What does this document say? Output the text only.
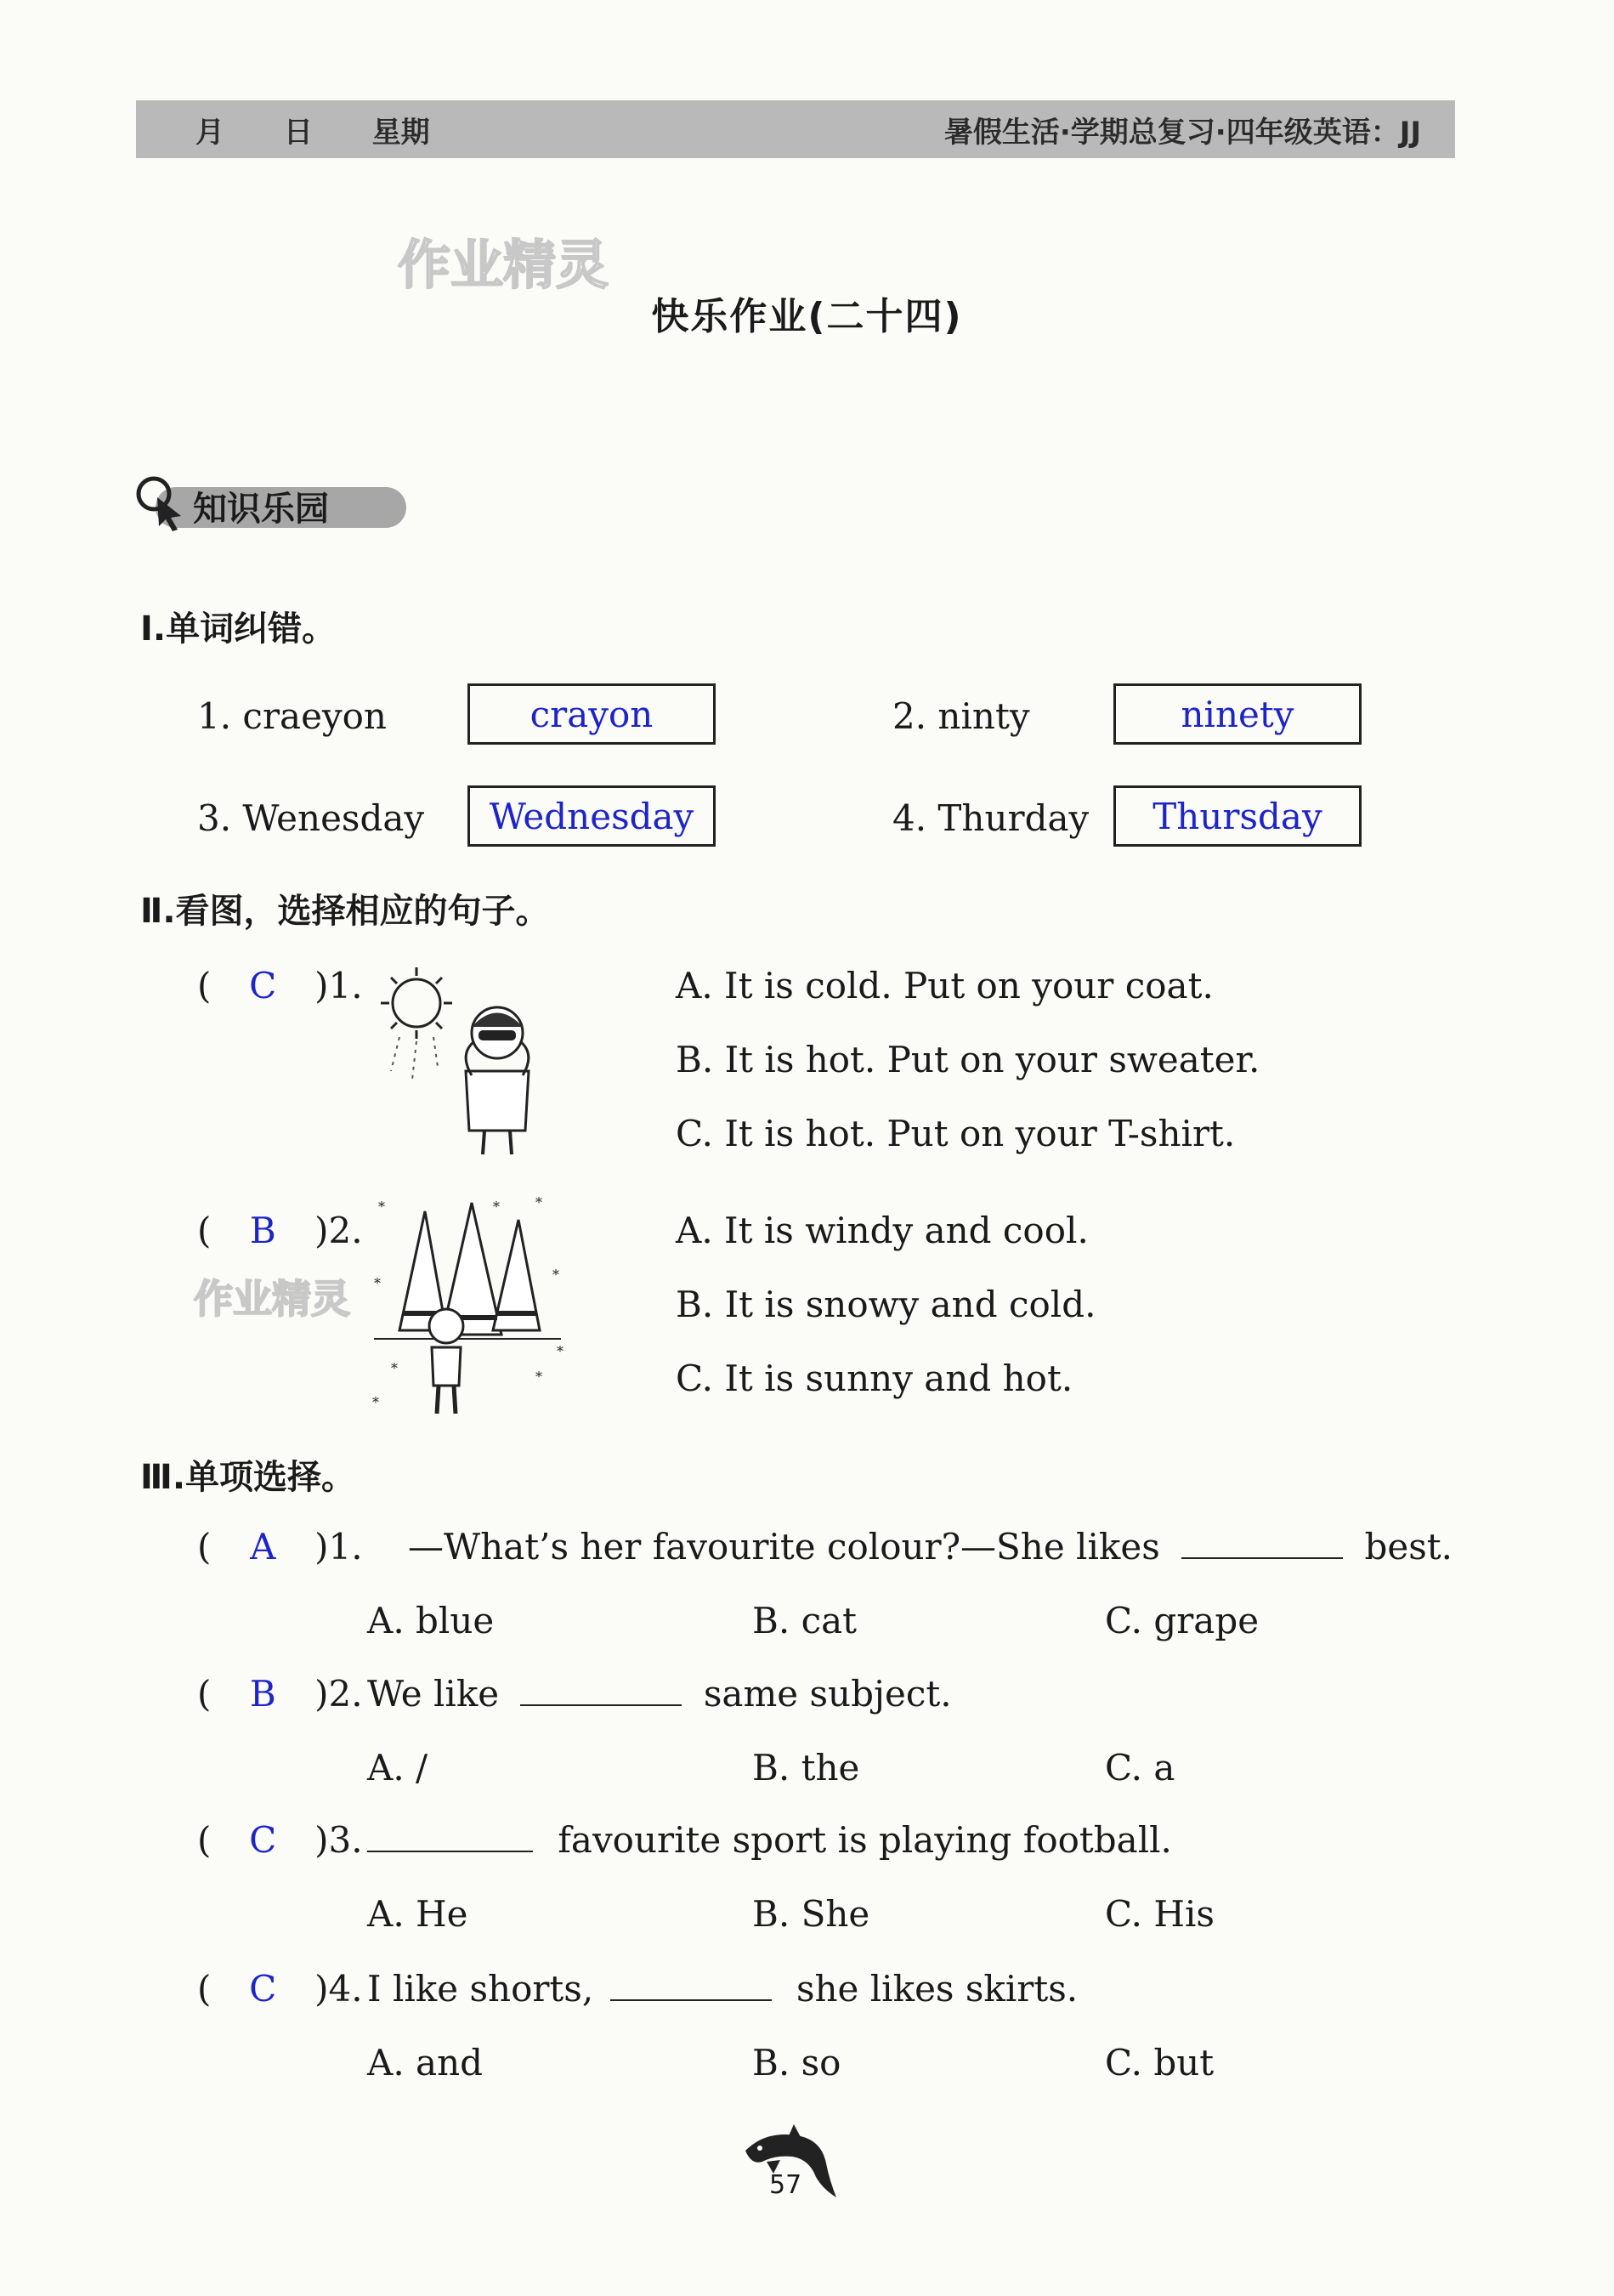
月 日 星期	暑假生活·学期总复习·四年级英语：JJ
作业精灵
作业精灵
快乐作业(二十四)
知识乐园
Ⅰ.单词纠错。
1. craeyon	crayon	2. ninty	ninety
3. Wenesday	Wednesday	4. Thurday	Thursday
Ⅱ.看图，选择相应的句子。
( C )1.	A. It is cold. Put on your coat.
B. It is hot. Put on your sweater.
C. It is hot. Put on your T-shirt.
( B )2.
*	*
*
*
*
*
*
*
*
A. It is windy and cool.
B. It is snowy and cold.
C. It is sunny and hot.
Ⅲ.单项选择。
( A )1. —What’s her favourite colour? —She likes	best.
A. blue	B. cat	C. grape
( B )2. We like	same subject.
A. /	B. the	C. a
( C )3.	favourite sport is playing football.
A. He	B. She	C. His
( C )4. I like shorts,	she likes skirts.
A. and	B. so	C. but
57
